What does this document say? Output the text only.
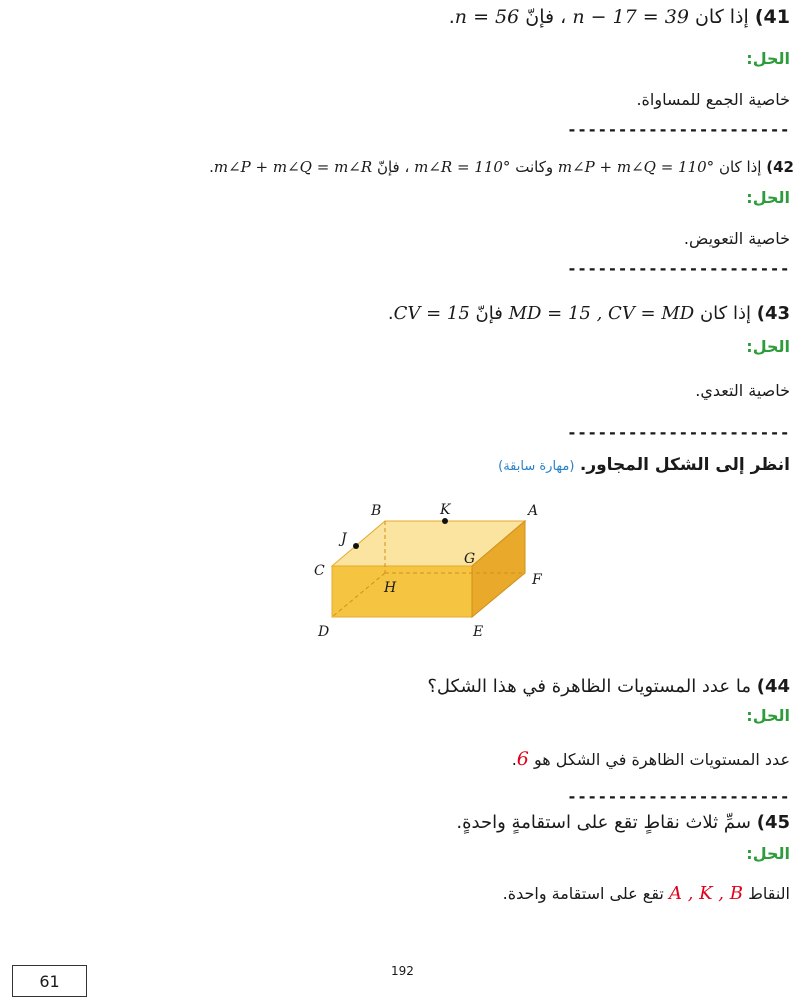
41) إذا كان n − 17 = 39 ، فإنّ n = 56.
الحل:
خاصية الجمع للمساواة.
----------------------
42) إذا كان m∠P + m∠Q = 110° وكانت m∠R = 110° ، فإنّ m∠P + m∠Q = m∠R.
الحل:
خاصية التعويض.
----------------------
43) إذا كان MD = 15 , CV = MD فإنّ CV = 15.
الحل:
خاصية التعدي.
----------------------
انظر إلى الشكل المجاور. (مهارة سابقة)
B	K	A
J
G
C
F
H
D	E
44) ما عدد المستويات الظاهرة في هذا الشكل؟
الحل:
عدد المستويات الظاهرة في الشكل هو 6.
----------------------
45) سمِّ ثلاث نقاطٍ تقع على استقامةٍ واحدةٍ.
الحل:
النقاط A , K , B تقع على استقامة واحدة.
192
61
